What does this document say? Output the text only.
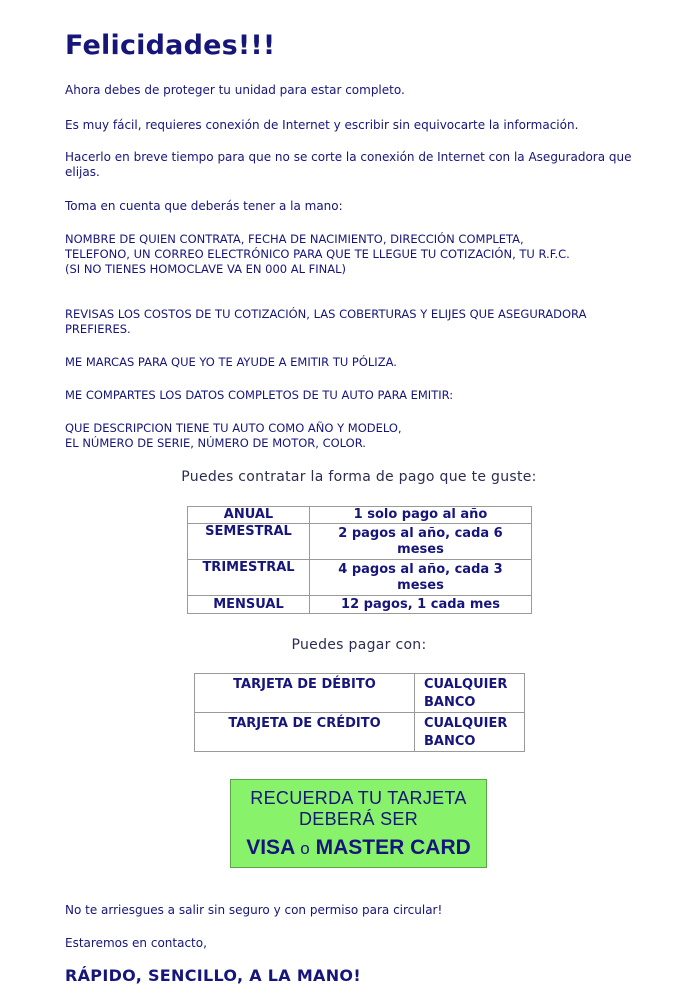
Felicidades!!!

Ahora debes de proteger tu unidad para estar completo.

Es muy fácil, requieres conexión de Internet y escribir sin equivocarte la información.

Hacerlo en breve tiempo para que no se corte la conexión de Internet con la Aseguradora que elijas.

Toma en cuenta que deberás tener a la mano:

NOMBRE DE QUIEN CONTRATA, FECHA DE NACIMIENTO, DIRECCIÓN COMPLETA,
TELEFONO, UN CORREO ELECTRÓNICO PARA QUE TE LLEGUE TU COTIZACIÓN, TU R.F.C.
(SI NO TIENES HOMOCLAVE VA EN 000 AL FINAL)

REVISAS LOS COSTOS DE TU COTIZACIÓN, LAS COBERTURAS Y ELIJES QUE ASEGURADORA PREFIERES.

ME MARCAS PARA QUE YO TE AYUDE A EMITIR TU PÓLIZA.

ME COMPARTES LOS DATOS COMPLETOS DE TU AUTO PARA EMITIR:

QUE DESCRIPCION TIENE TU AUTO COMO AÑO Y MODELO,
EL NÚMERO DE SERIE, NÚMERO DE MOTOR, COLOR.
Puedes contratar la forma de pago que te guste:
ANUAL	1 solo pago al año
SEMESTRAL	2 pagos al año, cada 6 meses
TRIMESTRAL	4 pagos al año, cada 3 meses
MENSUAL	12 pagos, 1 cada mes
Puedes pagar con:
TARJETA DE DÉBITO	CUALQUIER BANCO
TARJETA DE CRÉDITO	CUALQUIER BANCO
RECUERDA TU TARJETA
DEBERÁ SER
VISA o MASTER CARD

No te arriesgues a salir sin seguro y con permiso para circular!

Estaremos en contacto,

RÁPIDO, SENCILLO, A LA MANO!
